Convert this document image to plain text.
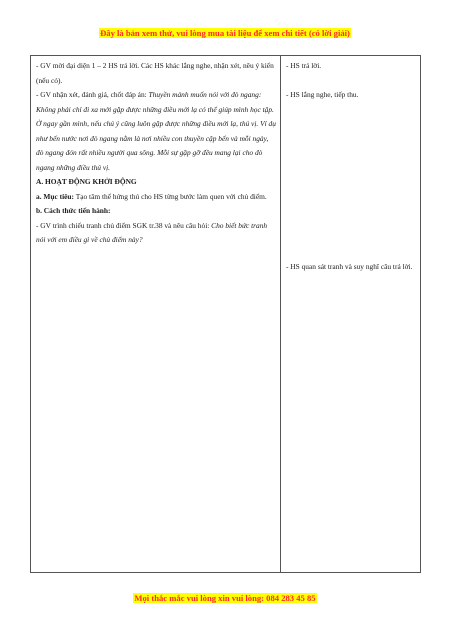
Đây là bản xem thử, vui lòng mua tài liệu để xem chi tiết (có lời giải)

- GV mời đại diện 1 – 2 HS trả lời. Các HS khác lắng nghe, nhận xét, nêu ý kiến (nếu có).

- GV nhận xét, đánh giá, chốt đáp án: Thuyền mảnh muốn nói với đò ngang: Không phải chỉ đi xa mới gặp được những điều mới lạ có thể giúp mình học tập. Ở ngay gần mình, nếu chú ý cũng luôn gặp được những điều mới lạ, thú vị. Ví dụ như bến nước nơi đò ngang nằm là nơi nhiều con thuyền cập bến và mỗi ngày, đò ngang đón rất nhiều người qua sông. Mỗi sự gặp gỡ đều mang lại cho đò ngang những điều thú vị.

A. HOẠT ĐỘNG KHỞI ĐỘNG

a. Mục tiêu: Tạo tâm thế hứng thú cho HS từng bước làm quen với chủ điểm.

b. Cách thức tiến hành:

- GV trình chiếu tranh chủ điểm SGK tr.38 và nêu câu hỏi: Cho biết bức tranh nói với em điều gì về chủ điểm này?

- HS trả lời.
- HS lắng nghe, tiếp thu.
- HS quan sát tranh và suy nghĩ câu trả lời.
Mọi thắc mắc vui lòng xin vui lòng: 084 283 45 85
